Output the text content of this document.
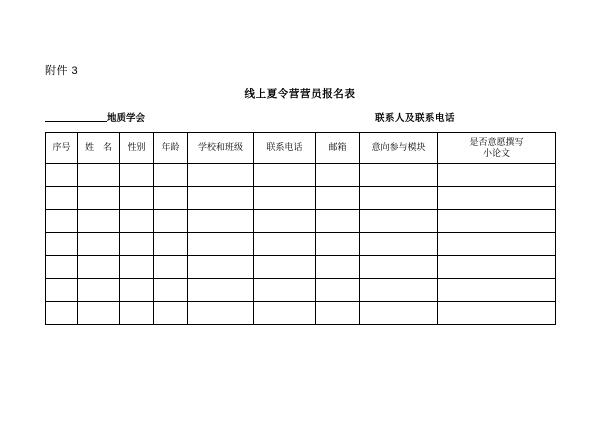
附件 3
线上夏令营营员报名表
地质学会	联系人及联系电话
序号	姓　名	性别	年龄	学校和班级	联系电话	邮箱	意向参与模块	是否意愿撰写
小论文
